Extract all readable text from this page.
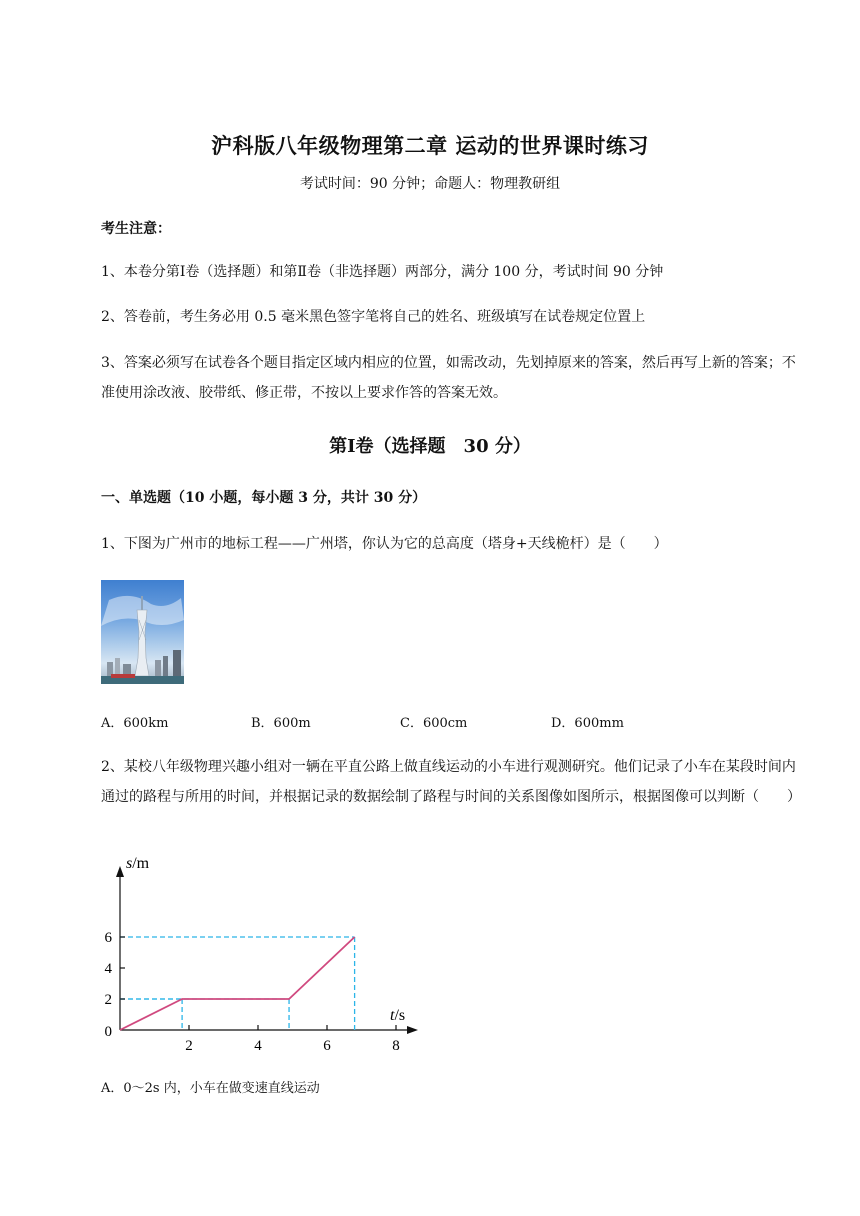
沪科版八年级物理第二章 运动的世界课时练习
考试时间：90 分钟；命题人：物理教研组
考生注意：
1、本卷分第Ⅰ卷（选择题）和第Ⅱ卷（非选择题）两部分，满分 100 分，考试时间 90 分钟
2、答卷前，考生务必用 0.5 毫米黑色签字笔将自己的姓名、班级填写在试卷规定位置上
3、答案必须写在试卷各个题目指定区域内相应的位置，如需改动，先划掉原来的答案，然后再写上新的答案；不准使用涂改液、胶带纸、修正带，不按以上要求作答的答案无效。
第Ⅰ卷（选择题　30 分）
一、单选题（10 小题，每小题 3 分，共计 30 分）
1、下图为广州市的地标工程——广州塔，你认为它的总高度（塔身+天线桅杆）是（　　）
A．600km	B．600m	C．600cm	D．600mm
2、某校八年级物理兴趣小组对一辆在平直公路上做直线运动的小车进行观测研究。他们记录了小车在某段时间内通过的路程与所用的时间，并根据记录的数据绘制了路程与时间的关系图像如图所示，根据图像可以判断（　　）
s/m
t/s
0
2	4	6	8
2
4
6
A．0～2s 内，小车在做变速直线运动
